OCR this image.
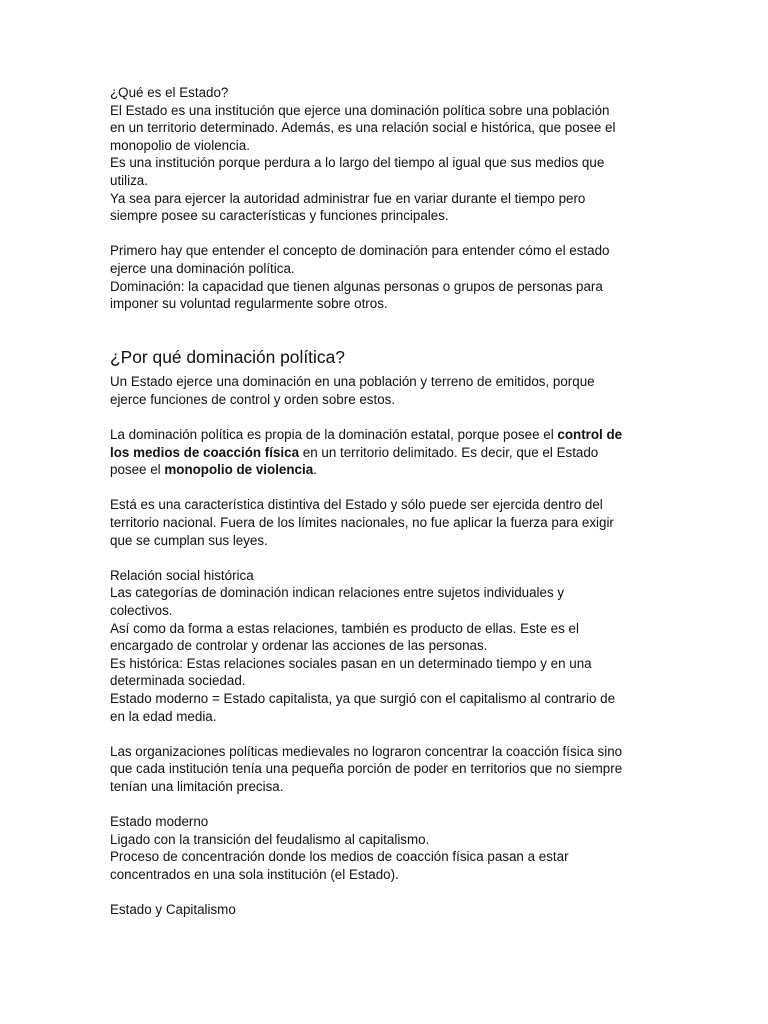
¿Qué es el Estado?
El Estado es una institución que ejerce una dominación política sobre una población
en un territorio determinado. Además, es una relación social e histórica, que posee el
monopolio de violencia.
Es una institución porque perdura a lo largo del tiempo al igual que sus medios que
utiliza.
Ya sea para ejercer la autoridad administrar fue en variar durante el tiempo pero
siempre posee su características y funciones principales.
Primero hay que entender el concepto de dominación para entender cómo el estado
ejerce una dominación política.
Dominación: la capacidad que tienen algunas personas o grupos de personas para
imponer su voluntad regularmente sobre otros.
¿Por qué dominación política?
Un Estado ejerce una dominación en una población y terreno de emitidos, porque
ejerce funciones de control y orden sobre estos.
La dominación política es propia de la dominación estatal, porque posee el control de
los medios de coacción física en un territorio delimitado. Es decir, que el Estado
posee el monopolio de violencia.
Está es una característica distintiva del Estado y sólo puede ser ejercida dentro del
territorio nacional. Fuera de los límites nacionales, no fue aplicar la fuerza para exigir
que se cumplan sus leyes.
Relación social histórica
Las categorías de dominación indican relaciones entre sujetos individuales y
colectivos.
Así como da forma a estas relaciones, también es producto de ellas. Este es el
encargado de controlar y ordenar las acciones de las personas.
Es histórica: Estas relaciones sociales pasan en un determinado tiempo y en una
determinada sociedad.
Estado moderno = Estado capitalista, ya que surgió con el capitalismo al contrario de
en la edad media.
Las organizaciones políticas medievales no lograron concentrar la coacción física sino
que cada institución tenía una pequeña porción de poder en territorios que no siempre
tenían una limitación precisa.
Estado moderno
Ligado con la transición del feudalismo al capitalismo.
Proceso de concentración donde los medios de coacción física pasan a estar
concentrados en una sola institución (el Estado).
Estado y Capitalismo
